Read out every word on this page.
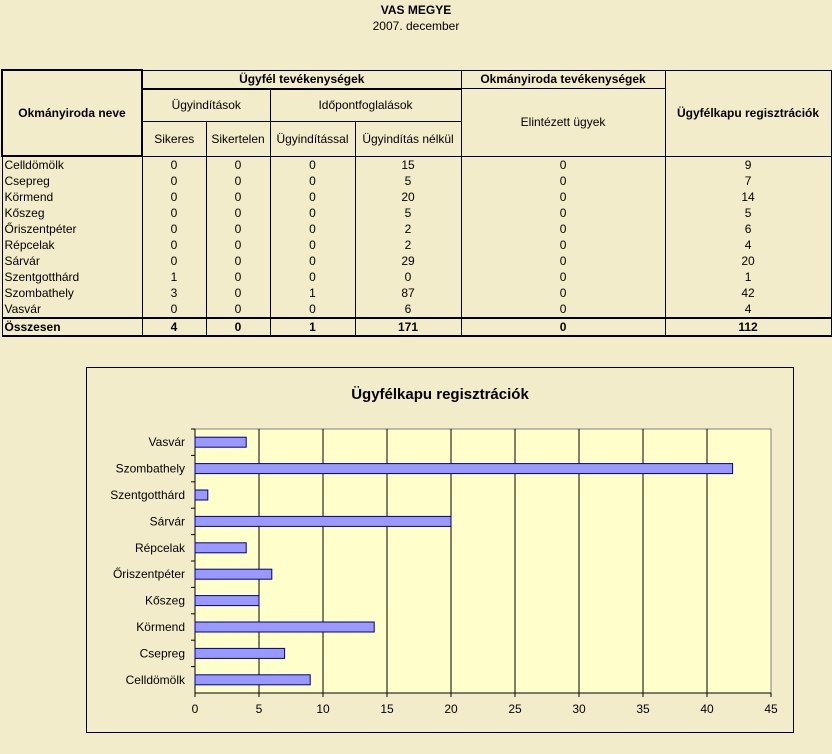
VAS MEGYE
2007. december
Okmányiroda neve	Ügyfél tevékenységek				Okmányiroda tevékenységek	Ügyfélkapu regisztrációk
	Ügyindítások		Időpontfoglalások		Elintézett ügyek	
	Sikeres	Sikertelen	Ügyindítással	Ügyindítás nélkül		
Celldömölk	0	0	0	15	0	9
Csepreg	0	0	0	5	0	7
Körmend	0	0	0	20	0	14
Kőszeg	0	0	0	5	0	5
Őriszentpéter	0	0	0	2	0	6
Répcelak	0	0	0	2	0	4
Sárvár	0	0	0	29	0	20
Szentgotthárd	1	0	0	0	0	1
Szombathely	3	0	1	87	0	42
Vasvár	0	0	0	6	0	4
Összesen	4	0	1	171	0	112
Ügyfélkapu regisztrációk
0	5	10	15	20	25	30	35	40	45
Vasvár
Szombathely
Szentgotthárd
Sárvár
Répcelak
Őriszentpéter
Kőszeg
Körmend
Csepreg
Celldömölk
